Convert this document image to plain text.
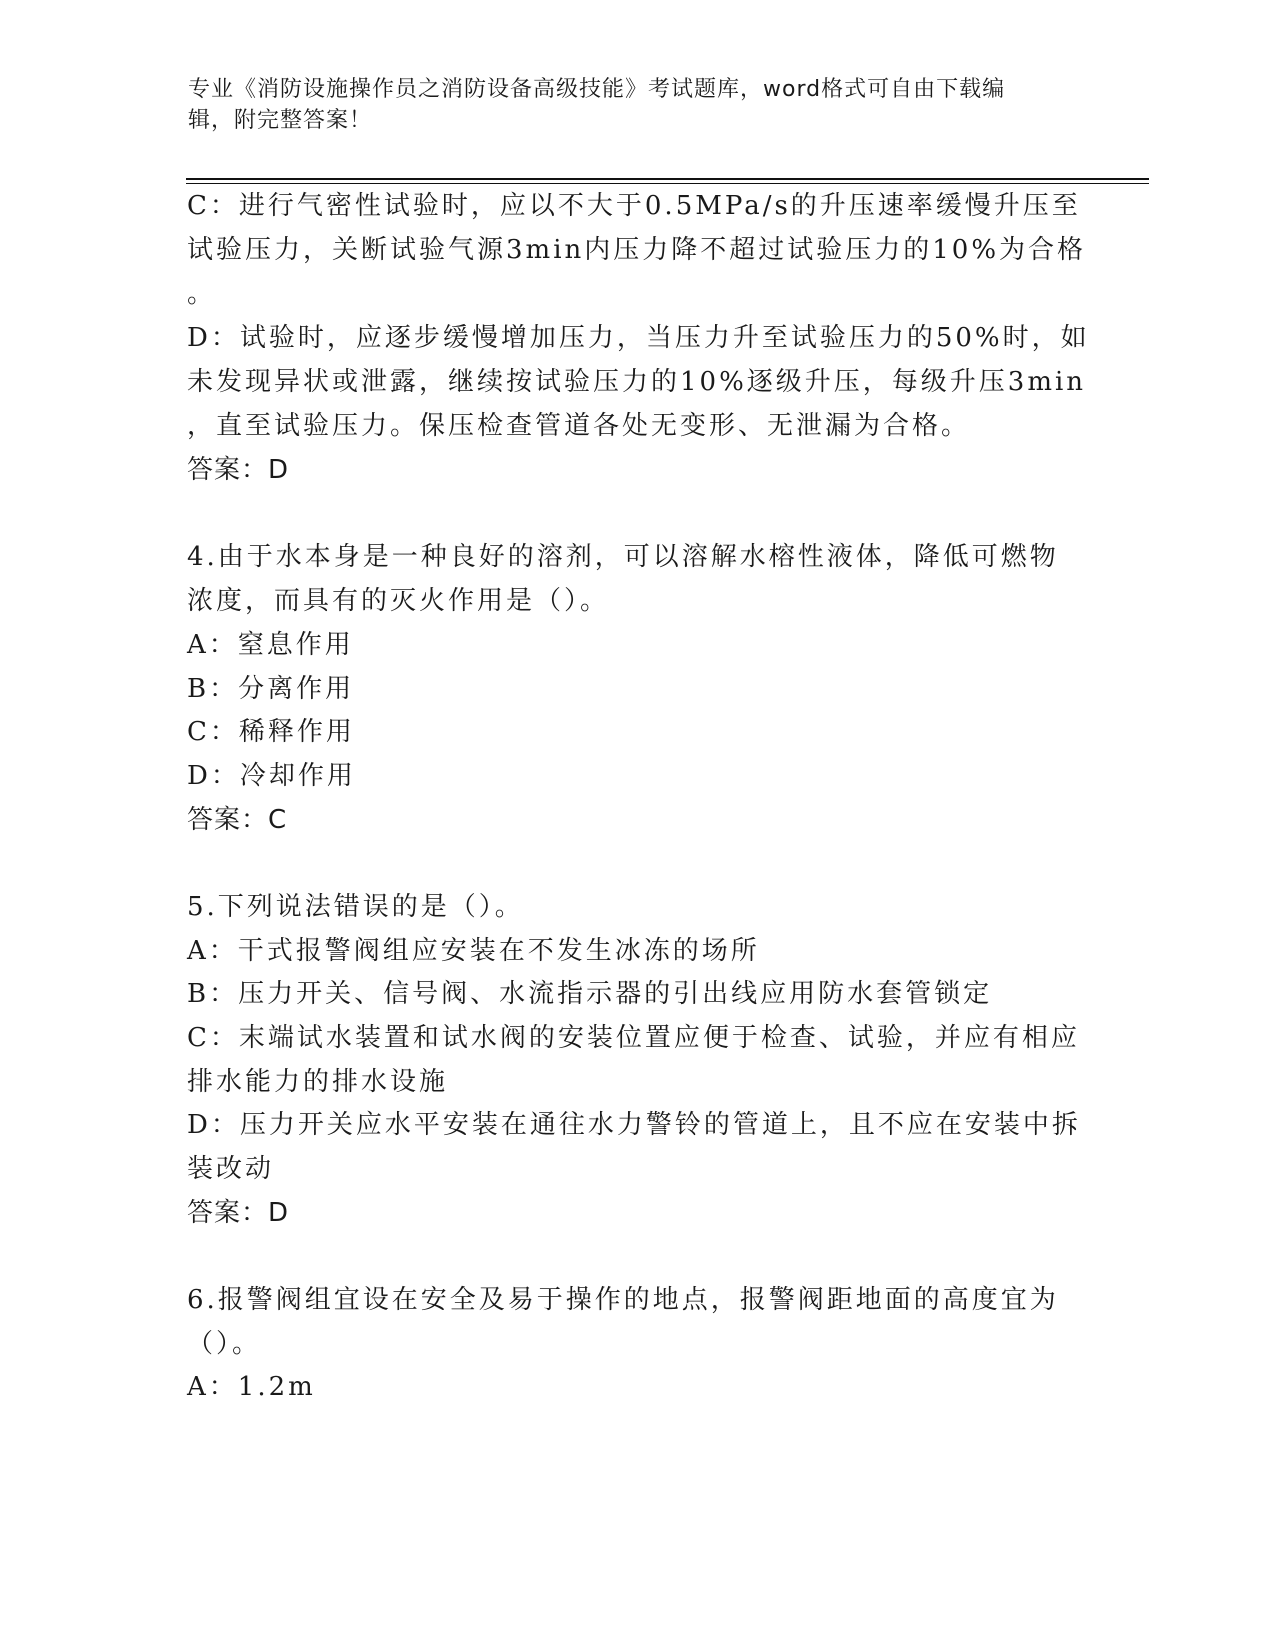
专业《消防设施操作员之消防设备高级技能》考试题库，word格式可自由下载编
辑，附完整答案！
C：进行气密性试验时，应以不大于0.5MPa/s的升压速率缓慢升压至
试验压力，关断试验气源3min内压力降不超过试验压力的10%为合格
。
D：试验时，应逐步缓慢增加压力，当压力升至试验压力的50%时，如
未发现异状或泄露，继续按试验压力的10%逐级升压，每级升压3min
，直至试验压力。保压检查管道各处无变形、无泄漏为合格。
答案：D
4.由于水本身是一种良好的溶剂，可以溶解水榕性液体，降低可燃物
浓度，而具有的灭火作用是（）。
A：窒息作用
B：分离作用
C：稀释作用
D：冷却作用
答案：C
5.下列说法错误的是（）。
A：干式报警阀组应安装在不发生冰冻的场所
B：压力开关、信号阀、水流指示器的引出线应用防水套管锁定
C：末端试水装置和试水阀的安装位置应便于检查、试验，并应有相应
排水能力的排水设施
D：压力开关应水平安装在通往水力警铃的管道上，且不应在安装中拆
装改动
答案：D
6.报警阀组宜设在安全及易于操作的地点，报警阀距地面的高度宜为
（）。
A：1.2m
